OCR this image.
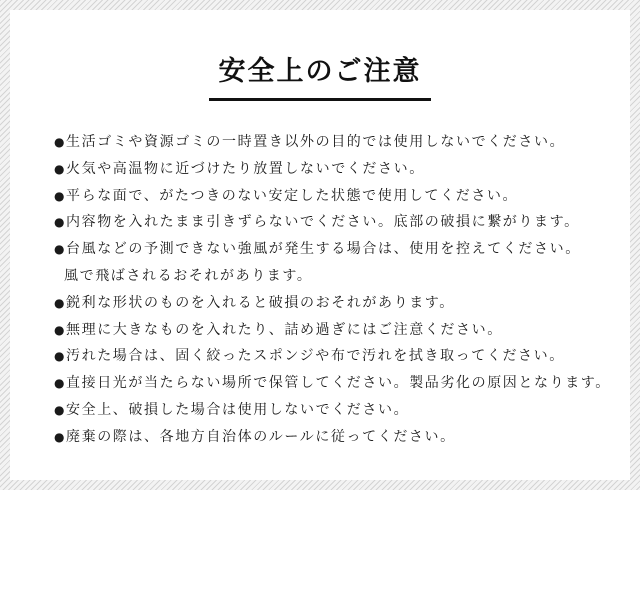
安全上のご注意
● 生活ゴミや資源ゴミの一時置き以外の目的では使用しないでください。
● 火気や高温物に近づけたり放置しないでください。
● 平らな面で、がたつきのない安定した状態で使用してください。
● 内容物を入れたまま引きずらないでください。底部の破損に繋がります。
● 台風などの予測できない強風が発生する場合は、使用を控えてください。
風で飛ばされるおそれがあります。
● 鋭利な形状のものを入れると破損のおそれがあります。
● 無理に大きなものを入れたり、詰め過ぎにはご注意ください。
● 汚れた場合は、固く絞ったスポンジや布で汚れを拭き取ってください。
● 直接日光が当たらない場所で保管してください。製品劣化の原因となります。
● 安全上、破損した場合は使用しないでください。
● 廃棄の際は、各地方自治体のルールに従ってください。
